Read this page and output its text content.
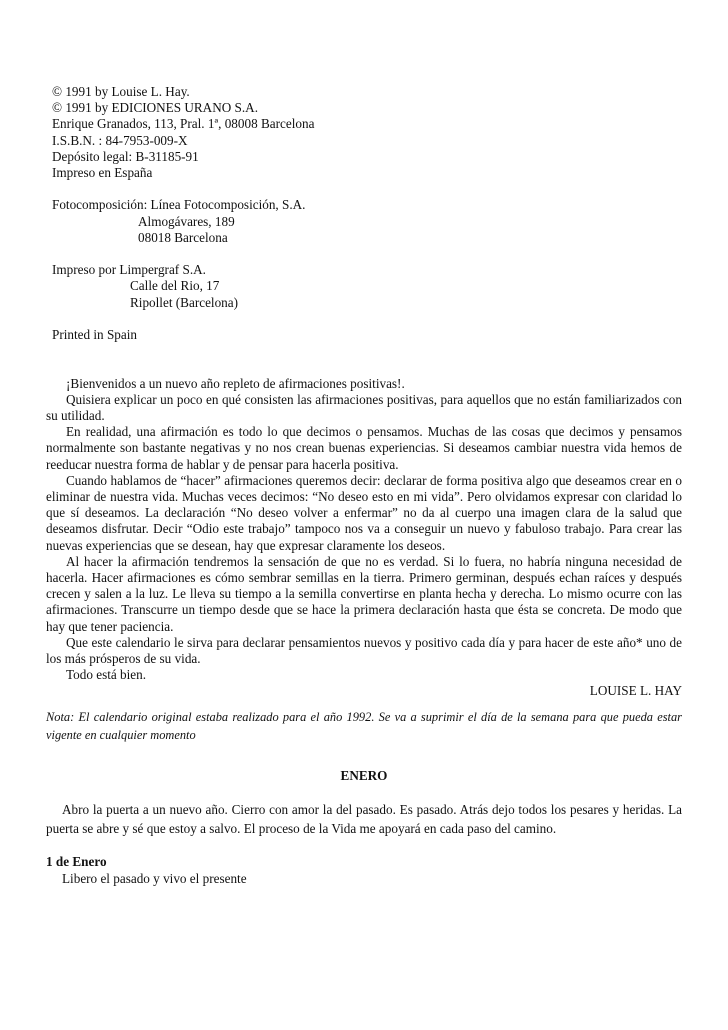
© 1991 by Louise L. Hay.
© 1991 by EDICIONES URANO S.A.
Enrique Granados, 113, Pral. 1ª, 08008 Barcelona
I.S.B.N. : 84-7953-009-X
Depósito legal: B-31185-91
Impreso en España
Fotocomposición: Línea Fotocomposición, S.A.
Almogávares, 189
08018 Barcelona
Impreso por Limpergraf S.A.
Calle del Rio, 17
Ripollet (Barcelona)
Printed in Spain

¡Bienvenidos a un nuevo año repleto de afirmaciones positivas!.

Quisiera explicar un poco en qué consisten las afirmaciones positivas, para aquellos que no están familiarizados con su utilidad.

En realidad, una afirmación es todo lo que decimos o pensamos. Muchas de las cosas que decimos y pensamos normalmente son bastante negativas y no nos crean buenas experiencias. Si deseamos cambiar nuestra vida hemos de reeducar nuestra forma de hablar y de pensar para hacerla positiva.

Cuando hablamos de “hacer” afirmaciones queremos decir: declarar de forma positiva algo que deseamos crear en o eliminar de nuestra vida. Muchas veces decimos: “No deseo esto en mi vida”. Pero olvidamos expresar con claridad lo que sí deseamos. La declaración “No deseo volver a enfermar” no da al cuerpo una imagen clara de la salud que deseamos disfrutar. Decir “Odio este trabajo” tampoco nos va a conseguir un nuevo y fabuloso trabajo. Para crear las nuevas experiencias que se desean, hay que expresar claramente los deseos.

Al hacer la afirmación tendremos la sensación de que no es verdad. Si lo fuera, no habría ninguna necesidad de hacerla. Hacer afirmaciones es cómo sembrar semillas en la tierra. Primero germinan, después echan raíces y después crecen y salen a la luz. Le lleva su tiempo a la semilla convertirse en planta hecha y derecha. Lo mismo ocurre con las afirmaciones. Transcurre un tiempo desde que se hace la primera declaración hasta que ésta se concreta. De modo que hay que tener paciencia.

Que este calendario le sirva para declarar pensamientos nuevos y positivo cada día y para hacer de este año* uno de los más prósperos de su vida.

Todo está bien.

LOUISE L. HAY

Nota: El calendario original estaba realizado para el año 1992. Se va a suprimir el día de la semana para que pueda estar vigente en cualquier momento

ENERO

Abro la puerta a un nuevo año. Cierro con amor la del pasado. Es pasado. Atrás dejo todos los pesares y heridas. La puerta se abre y sé que estoy a salvo. El proceso de la Vida me apoyará en cada paso del camino.

1 de Enero

Libero el pasado y vivo el presente
